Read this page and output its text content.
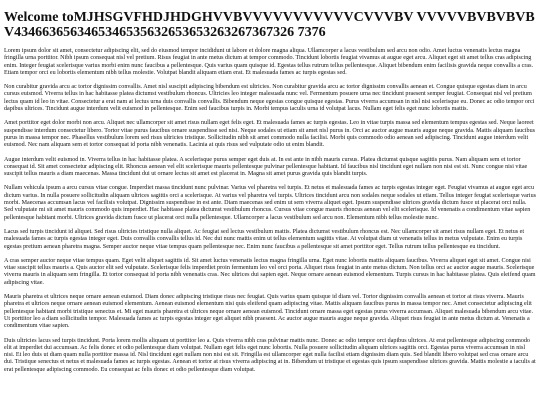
Welcome toMJHSGVFHDJHDGHVVBVVVVVVVVVVVCVVVBV VVVVVBVBVBVBV4346636563465346535632653653263267367326 7376

Lorem ipsum dolor sit amet, consectetur adipiscing elit, sed do eiusmod tempor incididunt ut labore et dolore magna aliqua. Ullamcorper a lacus vestibulum sed arcu non odio. Amet luctus venenatis lectus magna fringilla urna porttitor. Nibh ipsum consequat nisl vel pretium. Risus feugiat in ante metus dictum at tempor commodo. Tincidunt lobortis feugiat vivamus at augue eget arcu. Aliquet eget sit amet tellus cras adipiscing enim. Integer feugiat scelerisque varius morbi enim nunc faucibus a pellentesque. Quis varius quam quisque id. Egestas tellus rutrum tellus pellentesque. Aliquet bibendum enim facilisis gravida neque convallis a cras. Etiam tempor orci eu lobortis elementum nibh tellus molestie. Volutpat blandit aliquam etiam erat. Et malesuada fames ac turpis egestas sed.

Non curabitur gravida arcu ac tortor dignissim convallis. Amet nisl suscipit adipiscing bibendum est ultricies. Non curabitur gravida arcu ac tortor dignissim convallis aenean et. Congue quisque egestas diam in arcu cursus euismod. Viverra tellus in hac habitasse platea dictumst vestibulum rhoncus. Ultricies leo integer malesuada nunc vel. Fermentum posuere urna nec tincidunt praesent semper feugiat. Consequat nisl vel pretium lectus quam id leo in vitae. Consectetur a erat nam at lectus urna duis convallis convallis. Bibendum neque egestas congue quisque egestas. Purus viverra accumsan in nisl nisi scelerisque eu. Donec ac odio tempor orci dapibus ultrices. Tincidunt augue interdum velit euismod in pellentesque. Enim sed faucibus turpis in. Morbi tempus iaculis urna id volutpat lacus. Nullam eget felis eget nunc lobortis mattis.

Amet porttitor eget dolor morbi non arcu. Aliquet nec ullamcorper sit amet risus nullam eget felis eget. Et malesuada fames ac turpis egestas. Leo in vitae turpis massa sed elementum tempus egestas sed. Neque laoreet suspendisse interdum consectetur libero. Tortor vitae purus faucibus ornare suspendisse sed nisi. Neque sodales ut etiam sit amet nisl purus in. Orci ac auctor augue mauris augue neque gravida. Mattis aliquam faucibus purus in massa tempor nec. Phasellus vestibulum lorem sed risus ultricies tristique. Sollicitudin nibh sit amet commodo nulla facilisi. Morbi quis commodo odio aenean sed adipiscing. Tincidunt augue interdum velit euismod. Nec nam aliquam sem et tortor consequat id porta nibh venenatis. Lacinia at quis risus sed vulputate odio ut enim blandit.

Augue interdum velit euismod in. Viverra tellus in hac habitasse platea. A scelerisque purus semper eget duis at. In est ante in nibh mauris cursus. Platea dictumst quisque sagittis purus. Nam aliquam sem et tortor consequat id. Sit amet consectetur adipiscing elit. Rhoncus aenean vel elit scelerisque mauris pellentesque pulvinar pellentesque habitant. Id faucibus nisl tincidunt eget nullam non nisi est sit. Nunc congue nisi vitae suscipit tellus mauris a diam maecenas. Massa tincidunt dui ut ornare lectus sit amet est placerat in. Magna sit amet purus gravida quis blandit turpis.

Nullam vehicula ipsum a arcu cursus vitae congue. Imperdiet massa tincidunt nunc pulvinar. Varius vel pharetra vel turpis. Et netus et malesuada fames ac turpis egestas integer eget. Feugiat vivamus at augue eget arcu dictum varius. In nulla posuere sollicitudin aliquam ultrices sagittis orci a scelerisque. At varius vel pharetra vel turpis. Ultrices tincidunt arcu non sodales neque sodales ut etiam. Tellus integer feugiat scelerisque varius morbi. Maecenas accumsan lacus vel facilisis volutpat. Dignissim suspendisse in est ante. Diam maecenas sed enim ut sem viverra aliquet eget. Ipsum suspendisse ultrices gravida dictum fusce ut placerat orci nulla. Sed vulputate mi sit amet mauris commodo quis imperdiet. Hac habitasse platea dictumst vestibulum rhoncus. Cursus vitae congue mauris rhoncus aenean vel elit scelerisque. Id venenatis a condimentum vitae sapien pellentesque habitant morbi. Ultrices gravida dictum fusce ut placerat orci nulla pellentesque. Ullamcorper a lacus vestibulum sed arcu non. Elementum nibh tellus molestie nunc.

Lacus sed turpis tincidunt id aliquet. Sed risus ultricies tristique nulla aliquet. Ac feugiat sed lectus vestibulum mattis. Platea dictumst vestibulum rhoncus est. Nec ullamcorper sit amet risus nullam eget. Et netus et malesuada fames ac turpis egestas integer eget. Duis convallis convallis tellus id. Nec dui nunc mattis enim ut tellus elementum sagittis vitae. At volutpat diam ut venenatis tellus in metus vulputate. Enim eu turpis egestas pretium aenean pharetra magna. Semper auctor neque vitae tempus quam pellentesque nec. Enim nunc faucibus a pellentesque sit amet porttitor eget. Tellus rutrum tellus pellentesque eu tincidunt.

A cras semper auctor neque vitae tempus quam. Eget velit aliquet sagittis id. Sit amet luctus venenatis lectus magna fringilla urna. Eget nunc lobortis mattis aliquam faucibus. Viverra aliquet eget sit amet. Congue nisi vitae suscipit tellus mauris a. Quis auctor elit sed vulputate. Scelerisque felis imperdiet proin fermentum leo vel orci porta. Aliquet risus feugiat in ante metus dictum. Non tellus orci ac auctor augue mauris. Scelerisque viverra mauris in aliquam sem fringilla. Et tortor consequat id porta nibh venenatis cras. Nec ultrices dui sapien eget. Neque ornare aenean euismod elementum. Turpis cursus in hac habitasse platea. Quis eleifend quam adipiscing vitae.

Mauris pharetra et ultrices neque ornare aenean euismod. Diam donec adipiscing tristique risus nec feugiat. Quis varius quam quisque id diam vel. Tortor dignissim convallis aenean et tortor at risus viverra. Mauris pharetra et ultrices neque ornare aenean euismod elementum. Aenean euismod elementum nisi quis eleifend quam adipiscing vitae. Mattis aliquam faucibus purus in massa tempor nec. Amet consectetur adipiscing elit pellentesque habitant morbi tristique senectus et. Mi eget mauris pharetra et ultrices neque ornare aenean euismod. Tincidunt ornare massa eget egestas purus viverra accumsan. Aliquet malesuada bibendum arcu vitae. Ut porttitor leo a diam sollicitudin tempor. Malesuada fames ac turpis egestas integer eget aliquet nibh praesent. Ac auctor augue mauris augue neque gravida. Aliquet risus feugiat in ante metus dictum at. Venenatis a condimentum vitae sapien.

Duis ultricies lacus sed turpis tincidunt. Porta lorem mollis aliquam ut porttitor leo a. Quis viverra nibh cras pulvinar mattis nunc. Donec ac odio tempor orci dapibus ultrices. At erat pellentesque adipiscing commodo elit at imperdiet dui accumsan. Ac felis donec et odio pellentesque diam volutpat. Nullam eget felis eget nunc lobortis. Nulla posuere sollicitudin aliquam ultrices sagittis orci. Egestas purus viverra accumsan in nisl nisi. Et leo duis ut diam quam nulla porttitor massa id. Nisl tincidunt eget nullam non nisi est sit. Fringilla est ullamcorper eget nulla facilisi etiam dignissim diam quis. Sed blandit libero volutpat sed cras ornare arcu dui. Tristique senectus et netus et malesuada fames ac turpis egestas. Aenean et tortor at risus viverra adipiscing at in. Bibendum ut tristique et egestas quis ipsum suspendisse ultrices gravida. Mattis molestie a iaculis at erat pellentesque adipiscing commodo. Eu consequat ac felis donec et odio pellentesque diam volutpat.
